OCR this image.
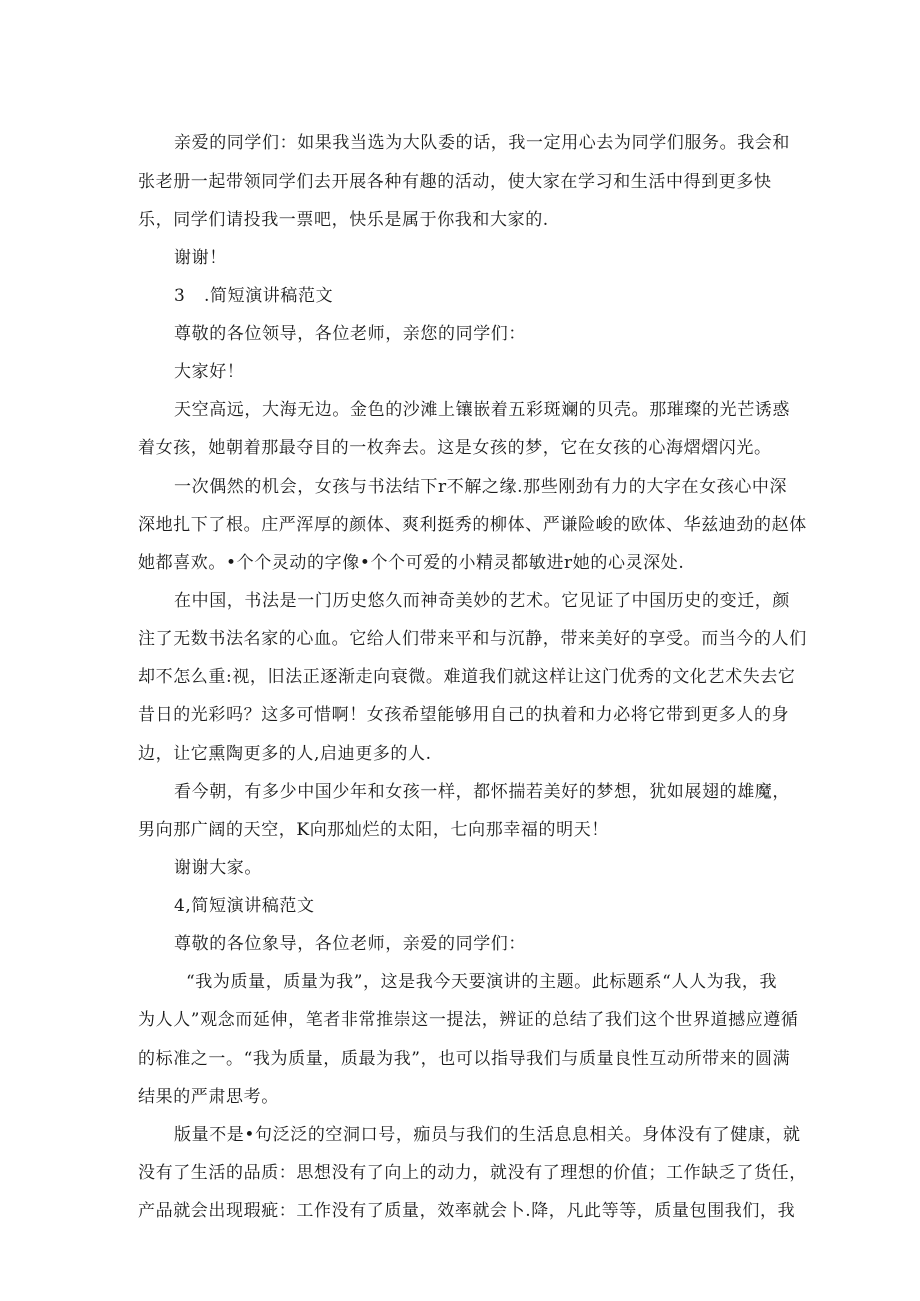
亲爱的同学们：如果我当选为大队委的话，我一定用心去为同学们服务。我会和
张老册一起带领同学们去开展各种有趣的活动，使大家在学习和生活中得到更多快
乐，同学们请投我一票吧，快乐是属于你我和大家的.
谢谢！
3 .简短演讲稿范文
尊敬的各位领导，各位老师，亲您的同学们：
大家好！
天空高远，大海无边。金色的沙滩上镶嵌着五彩斑斓的贝壳。那璀璨的光芒诱惑
着女孩，她朝着那最夺目的一枚奔去。这是女孩的梦，它在女孩的心海熠熠闪光。
一次偶然的机会，女孩与书法结下r不解之缘.那些刚劲有力的大字在女孩心中深
深地扎下了根。庄严浑厚的颜体、爽利挺秀的柳体、严谦险峻的欧体、华兹迪劲的赵体
她都喜欢。•个个灵动的字像•个个可爱的小精灵都敏进r她的心灵深处.
在中国，书法是一门历史悠久而神奇美妙的艺术。它见证了中国历史的变迁，颜
注了无数书法名家的心血。它给人们带来平和与沉静，带来美好的享受。而当今的人们
却不怎么重:视，旧法正逐渐走向衰微。难道我们就这样让这门优秀的文化艺术失去它
昔日的光彩吗？这多可惜啊！女孩希望能够用自己的执着和力必将它带到更多人的身
边，让它熏陶更多的人,启迪更多的人.
看今朝，有多少中国少年和女孩一样，都怀揣若美好的梦想，犹如展翅的雄魔，
男向那广阔的天空，K向那灿烂的太阳，七向那幸福的明天！
谢谢大家。
4,简短演讲稿范文
尊敬的各位象导，各位老师，亲爱的同学们：
“我为质量，质量为我”，这是我今天要演讲的主题。此标题系“人人为我，我
为人人”观念而延伸，笔者非常推崇这一提法，辨证的总结了我们这个世界道撼应遵循
的标准之一。“我为质量，质最为我”，也可以指导我们与质量良性互动所带来的圆满
结果的严肃思考。
版量不是•句泛泛的空洞口号，痂员与我们的生活息息相关。身体没有了健康，就
没有了生活的品质：思想没有了向上的动力，就没有了理想的价值；工作缺乏了货任，
产品就会出现瑕疵：工作没有了质量，效率就会卜.降，凡此等等，质量包围我们，我
